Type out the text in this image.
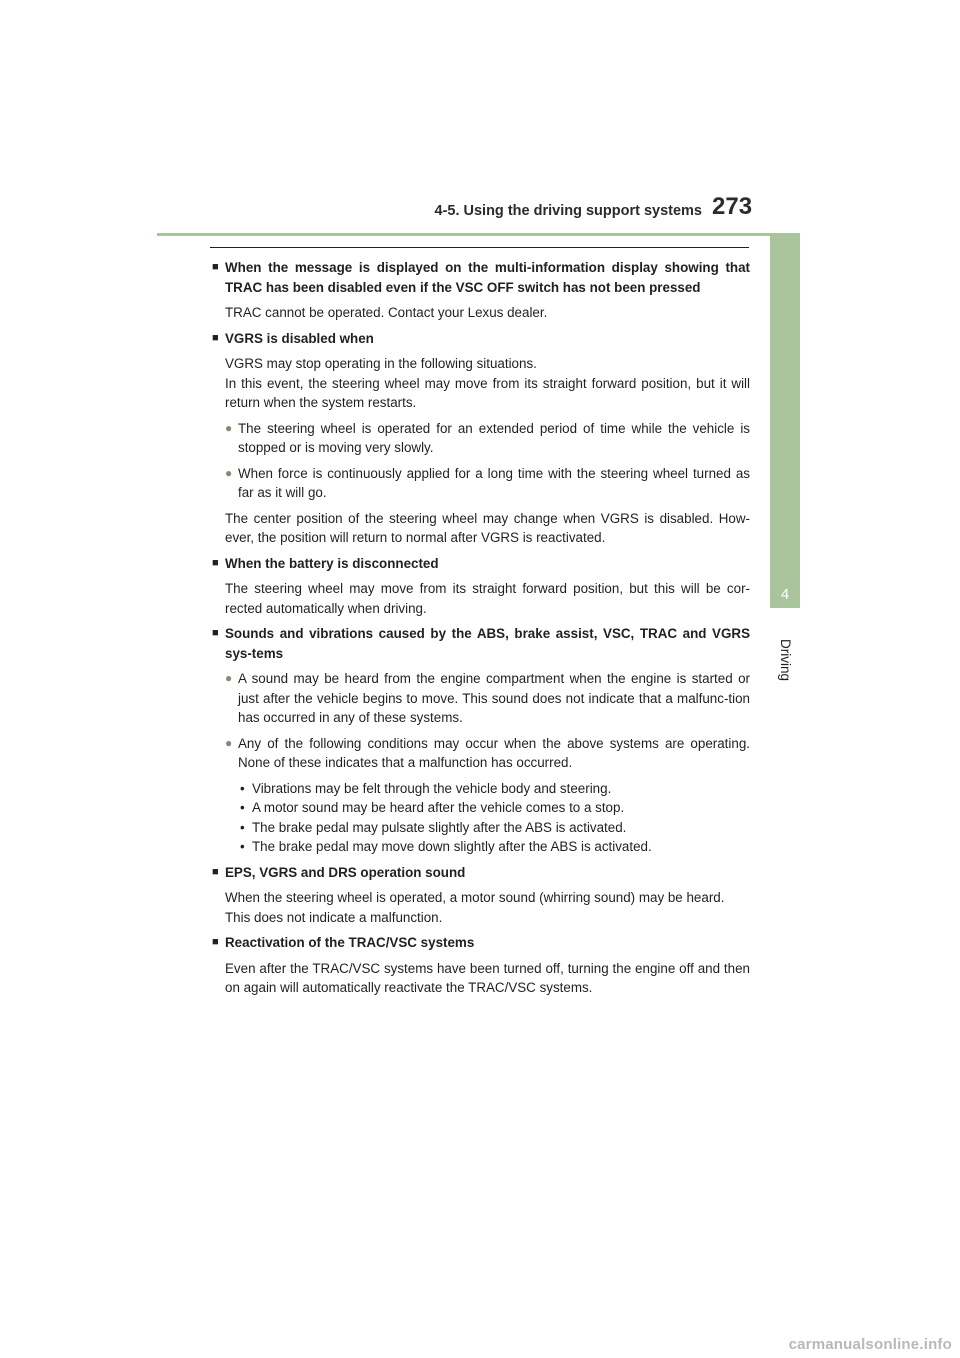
4-5. Using the driving support systems 273
4
Driving
■ When the message is displayed on the multi-information display showing that TRAC has been disabled even if the VSC OFF switch has not been pressed
TRAC cannot be operated. Contact your Lexus dealer.
■ VGRS is disabled when
VGRS may stop operating in the following situations.
In this event, the steering wheel may move from its straight forward position, but it will return when the system restarts.
● The steering wheel is operated for an extended period of time while the vehicle is stopped or is moving very slowly.
● When force is continuously applied for a long time with the steering wheel turned as far as it will go.
The center position of the steering wheel may change when VGRS is disabled. How-ever, the position will return to normal after VGRS is reactivated.
■ When the battery is disconnected
The steering wheel may move from its straight forward position, but this will be cor-rected automatically when driving.
■ Sounds and vibrations caused by the ABS, brake assist, VSC, TRAC and VGRS sys-tems
● A sound may be heard from the engine compartment when the engine is started or just after the vehicle begins to move. This sound does not indicate that a malfunc-tion has occurred in any of these systems.
● Any of the following conditions may occur when the above systems are operating. None of these indicates that a malfunction has occurred.
• Vibrations may be felt through the vehicle body and steering.
• A motor sound may be heard after the vehicle comes to a stop.
• The brake pedal may pulsate slightly after the ABS is activated.
• The brake pedal may move down slightly after the ABS is activated.
■ EPS, VGRS and DRS operation sound
When the steering wheel is operated, a motor sound (whirring sound) may be heard.
This does not indicate a malfunction.
■ Reactivation of the TRAC/VSC systems
Even after the TRAC/VSC systems have been turned off, turning the engine off and then on again will automatically reactivate the TRAC/VSC systems.
carmanualsonline.info
